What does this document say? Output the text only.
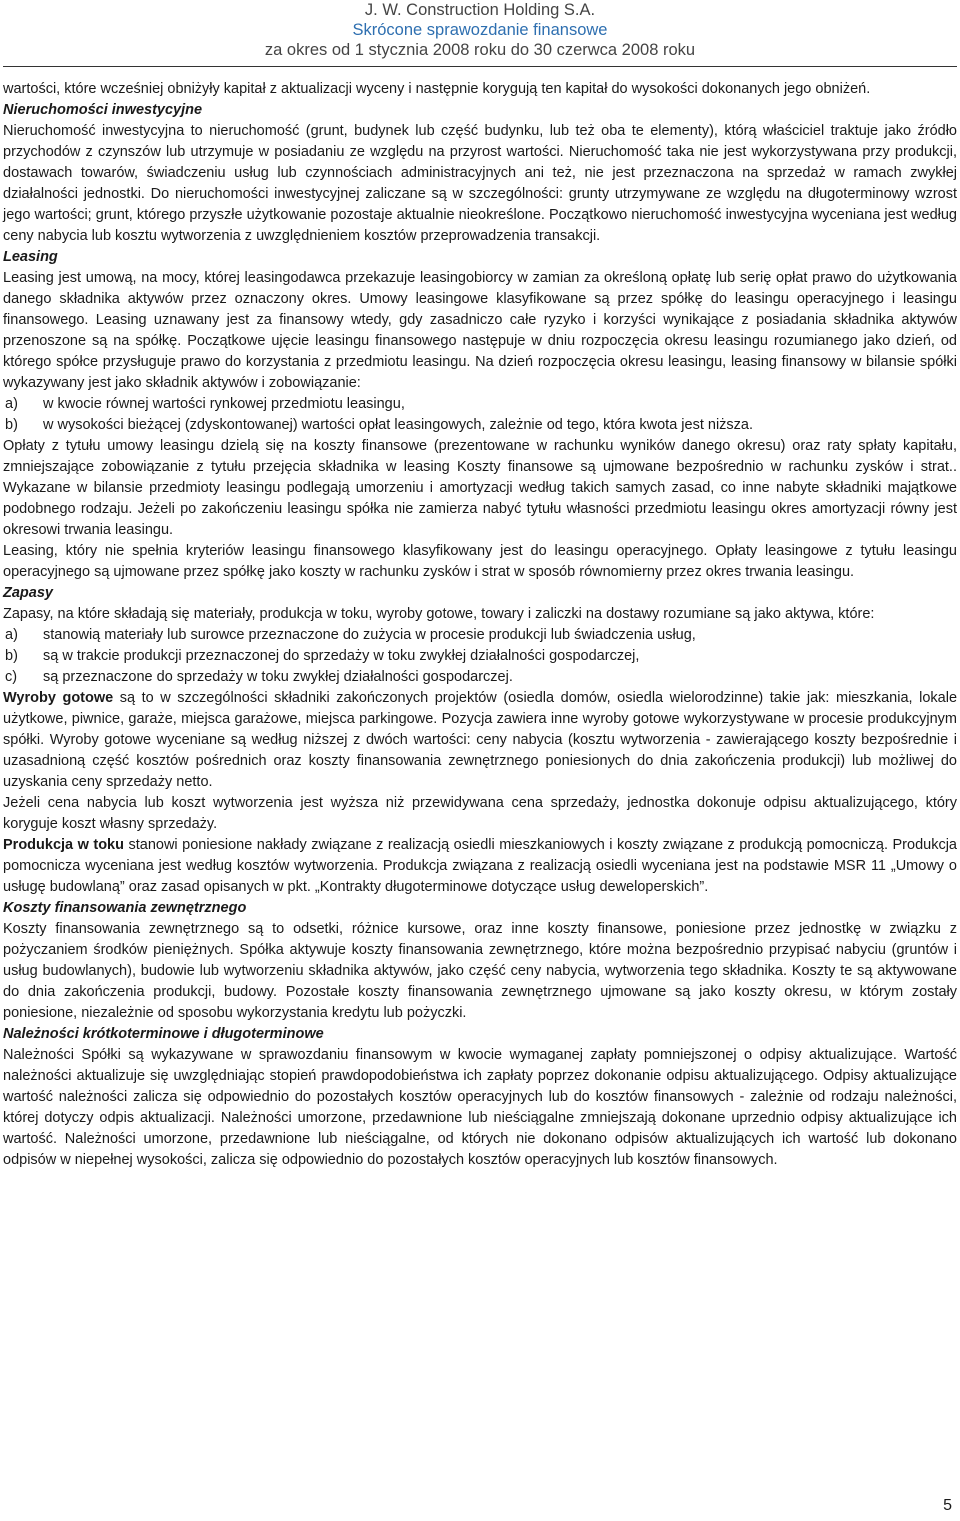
J. W. Construction Holding S.A.
Skrócone sprawozdanie finansowe
za okres od 1 stycznia 2008 roku do 30 czerwca 2008 roku

wartości, które wcześniej obniżyły kapitał z aktualizacji wyceny i następnie korygują ten kapitał do wysokości dokonanych jego obniżeń.

Nieruchomości inwestycyjne

Nieruchomość inwestycyjna to nieruchomość (grunt, budynek lub część budynku, lub też oba te elementy), którą właściciel traktuje jako źródło przychodów z czynszów lub utrzymuje w posiadaniu ze względu na przyrost wartości. Nieruchomość taka nie jest wykorzystywana przy produkcji, dostawach towarów, świadczeniu usług lub czynnościach administracyjnych ani też, nie jest przeznaczona na sprzedaż w ramach zwykłej działalności jednostki. Do nieruchomości inwestycyjnej zaliczane są w szczególności: grunty utrzymywane ze względu na długoterminowy wzrost jego wartości; grunt, którego przyszłe użytkowanie pozostaje aktualnie nieokreślone. Początkowo nieruchomość inwestycyjna wyceniana jest według ceny nabycia lub kosztu wytworzenia z uwzględnieniem kosztów przeprowadzenia transakcji.

Leasing

Leasing jest umową, na mocy, której leasingodawca przekazuje leasingobiorcy w zamian za określoną opłatę lub serię opłat prawo do użytkowania danego składnika aktywów przez oznaczony okres. Umowy leasingowe klasyfikowane są przez spółkę do leasingu operacyjnego i leasingu finansowego. Leasing uznawany jest za finansowy wtedy, gdy zasadniczo całe ryzyko i korzyści wynikające z posiadania składnika aktywów przenoszone są na spółkę. Początkowe ujęcie leasingu finansowego następuje w dniu rozpoczęcia okresu leasingu rozumianego jako dzień, od którego spółce przysługuje prawo do korzystania z przedmiotu leasingu. Na dzień rozpoczęcia okresu leasingu, leasing finansowy w bilansie spółki wykazywany jest jako składnik aktywów i zobowiązanie:

a)	w kwocie równej wartości rynkowej przedmiotu leasingu,
b)	w wysokości bieżącej (zdyskontowanej) wartości opłat leasingowych, zależnie od tego, która kwota jest niższa.

Opłaty z tytułu umowy leasingu dzielą się na koszty finansowe (prezentowane w rachunku wyników danego okresu) oraz raty spłaty kapitału, zmniejszające zobowiązanie z tytułu przejęcia składnika w leasing Koszty finansowe są ujmowane bezpośrednio w rachunku zysków i strat.. Wykazane w bilansie przedmioty leasingu podlegają umorzeniu i amortyzacji według takich samych zasad, co inne nabyte składniki majątkowe podobnego rodzaju. Jeżeli po zakończeniu leasingu spółka nie zamierza nabyć tytułu własności przedmiotu leasingu okres amortyzacji równy jest okresowi trwania leasingu.

Leasing, który nie spełnia kryteriów leasingu finansowego klasyfikowany jest do leasingu operacyjnego. Opłaty leasingowe z tytułu leasingu operacyjnego są ujmowane przez spółkę jako koszty w rachunku zysków i strat w sposób równomierny przez okres trwania leasingu.

Zapasy

Zapasy, na które składają się materiały, produkcja w toku, wyroby gotowe, towary i zaliczki na dostawy rozumiane są jako aktywa, które:

a)	stanowią materiały lub surowce przeznaczone do zużycia w procesie produkcji lub świadczenia usług,
b)	są w trakcie produkcji przeznaczonej do sprzedaży w toku zwykłej działalności gospodarczej,
c)	są przeznaczone do sprzedaży w toku zwykłej działalności gospodarczej.

Wyroby gotowe są to w szczególności składniki zakończonych projektów (osiedla domów, osiedla wielorodzinne) takie jak: mieszkania, lokale użytkowe, piwnice, garaże, miejsca garażowe, miejsca parkingowe. Pozycja zawiera inne wyroby gotowe wykorzystywane w procesie produkcyjnym spółki. Wyroby gotowe wyceniane są według niższej z dwóch wartości: ceny nabycia (kosztu wytworzenia - zawierającego koszty bezpośrednie i uzasadnioną część kosztów pośrednich oraz koszty finansowania zewnętrznego poniesionych do dnia zakończenia produkcji) lub możliwej do uzyskania ceny sprzedaży netto.

Jeżeli cena nabycia lub koszt wytworzenia jest wyższa niż przewidywana cena sprzedaży, jednostka dokonuje odpisu aktualizującego, który koryguje koszt własny sprzedaży.

Produkcja w toku stanowi poniesione nakłady związane z realizacją osiedli mieszkaniowych i koszty związane z produkcją pomocniczą. Produkcja pomocnicza wyceniana jest według kosztów wytworzenia. Produkcja związana z realizacją osiedli wyceniana jest na podstawie MSR 11 „Umowy o usługę budowlaną” oraz zasad opisanych w pkt. „Kontrakty długoterminowe dotyczące usług deweloperskich”.

Koszty finansowania zewnętrznego

Koszty finansowania zewnętrznego są to odsetki, różnice kursowe, oraz inne koszty finansowe, poniesione przez jednostkę w związku z pożyczaniem środków pieniężnych. Spółka aktywuje koszty finansowania zewnętrznego, które można bezpośrednio przypisać nabyciu (gruntów i usług budowlanych), budowie lub wytworzeniu składnika aktywów, jako część ceny nabycia, wytworzenia tego składnika. Koszty te są aktywowane do dnia zakończenia produkcji, budowy. Pozostałe koszty finansowania zewnętrznego ujmowane są jako koszty okresu, w którym zostały poniesione, niezależnie od sposobu wykorzystania kredytu lub pożyczki.

Należności krótkoterminowe i długoterminowe

Należności Spółki są wykazywane w sprawozdaniu finansowym w kwocie wymaganej zapłaty pomniejszonej o odpisy aktualizujące. Wartość należności aktualizuje się uwzględniając stopień prawdopodobieństwa ich zapłaty poprzez dokonanie odpisu aktualizującego. Odpisy aktualizujące wartość należności zalicza się odpowiednio do pozostałych kosztów operacyjnych lub do kosztów finansowych - zależnie od rodzaju należności, której dotyczy odpis aktualizacji. Należności umorzone, przedawnione lub nieściągalne zmniejszają dokonane uprzednio odpisy aktualizujące ich wartość. Należności umorzone, przedawnione lub nieściągalne, od których nie dokonano odpisów aktualizujących ich wartość lub dokonano odpisów w niepełnej wysokości, zalicza się odpowiednio do pozostałych kosztów operacyjnych lub kosztów finansowych.

5
